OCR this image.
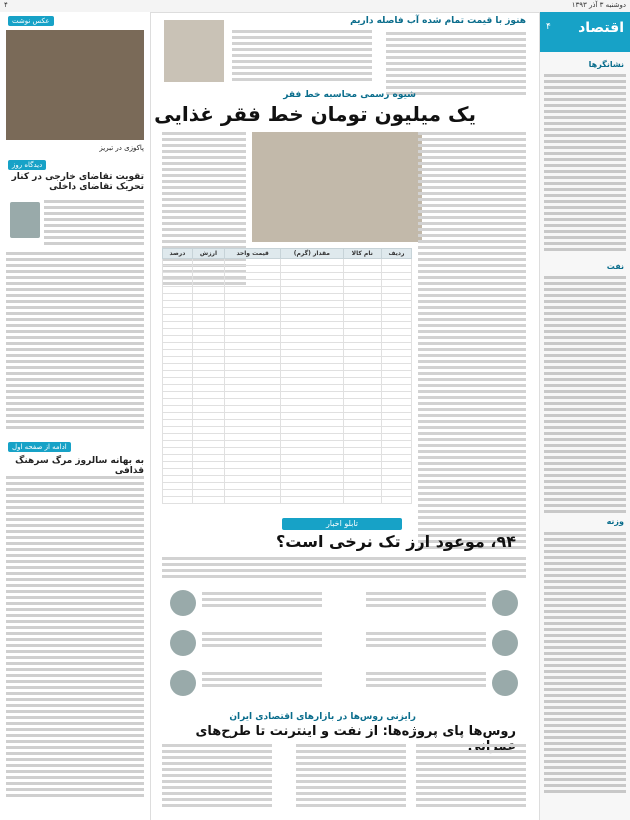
۴	دوشنبه ۳ آذر ۱۳۹۳
اقتصاد
۴
نشانگرها
نفت
وزنه
عکس نوشت
پاکوزی در تبریز
دیدگاه روز
تقویت تقاضای خارجی در کنار تحریک تقاضای داخلی
ادامه از صفحه اول
به بهانه سالروز مرگ سرهنگ قذافی
هنوز با قیمت تمام شده آب فاصله داریم
شیوه رسمی محاسبه خط فقر
یک میلیون تومان خط فقر غذایی
ردیف	نام کالا	مقدار (گرم)	قیمت واحد	ارزش	درصد

تابلو اخبار
۹۴، موعود ارز تک نرخی است؟
رایزنی روس‌ها در بازارهای اقتصادی ایران
روس‌ها پای پروژه‌ها: از نفت و اینترنت تا طرح‌های
